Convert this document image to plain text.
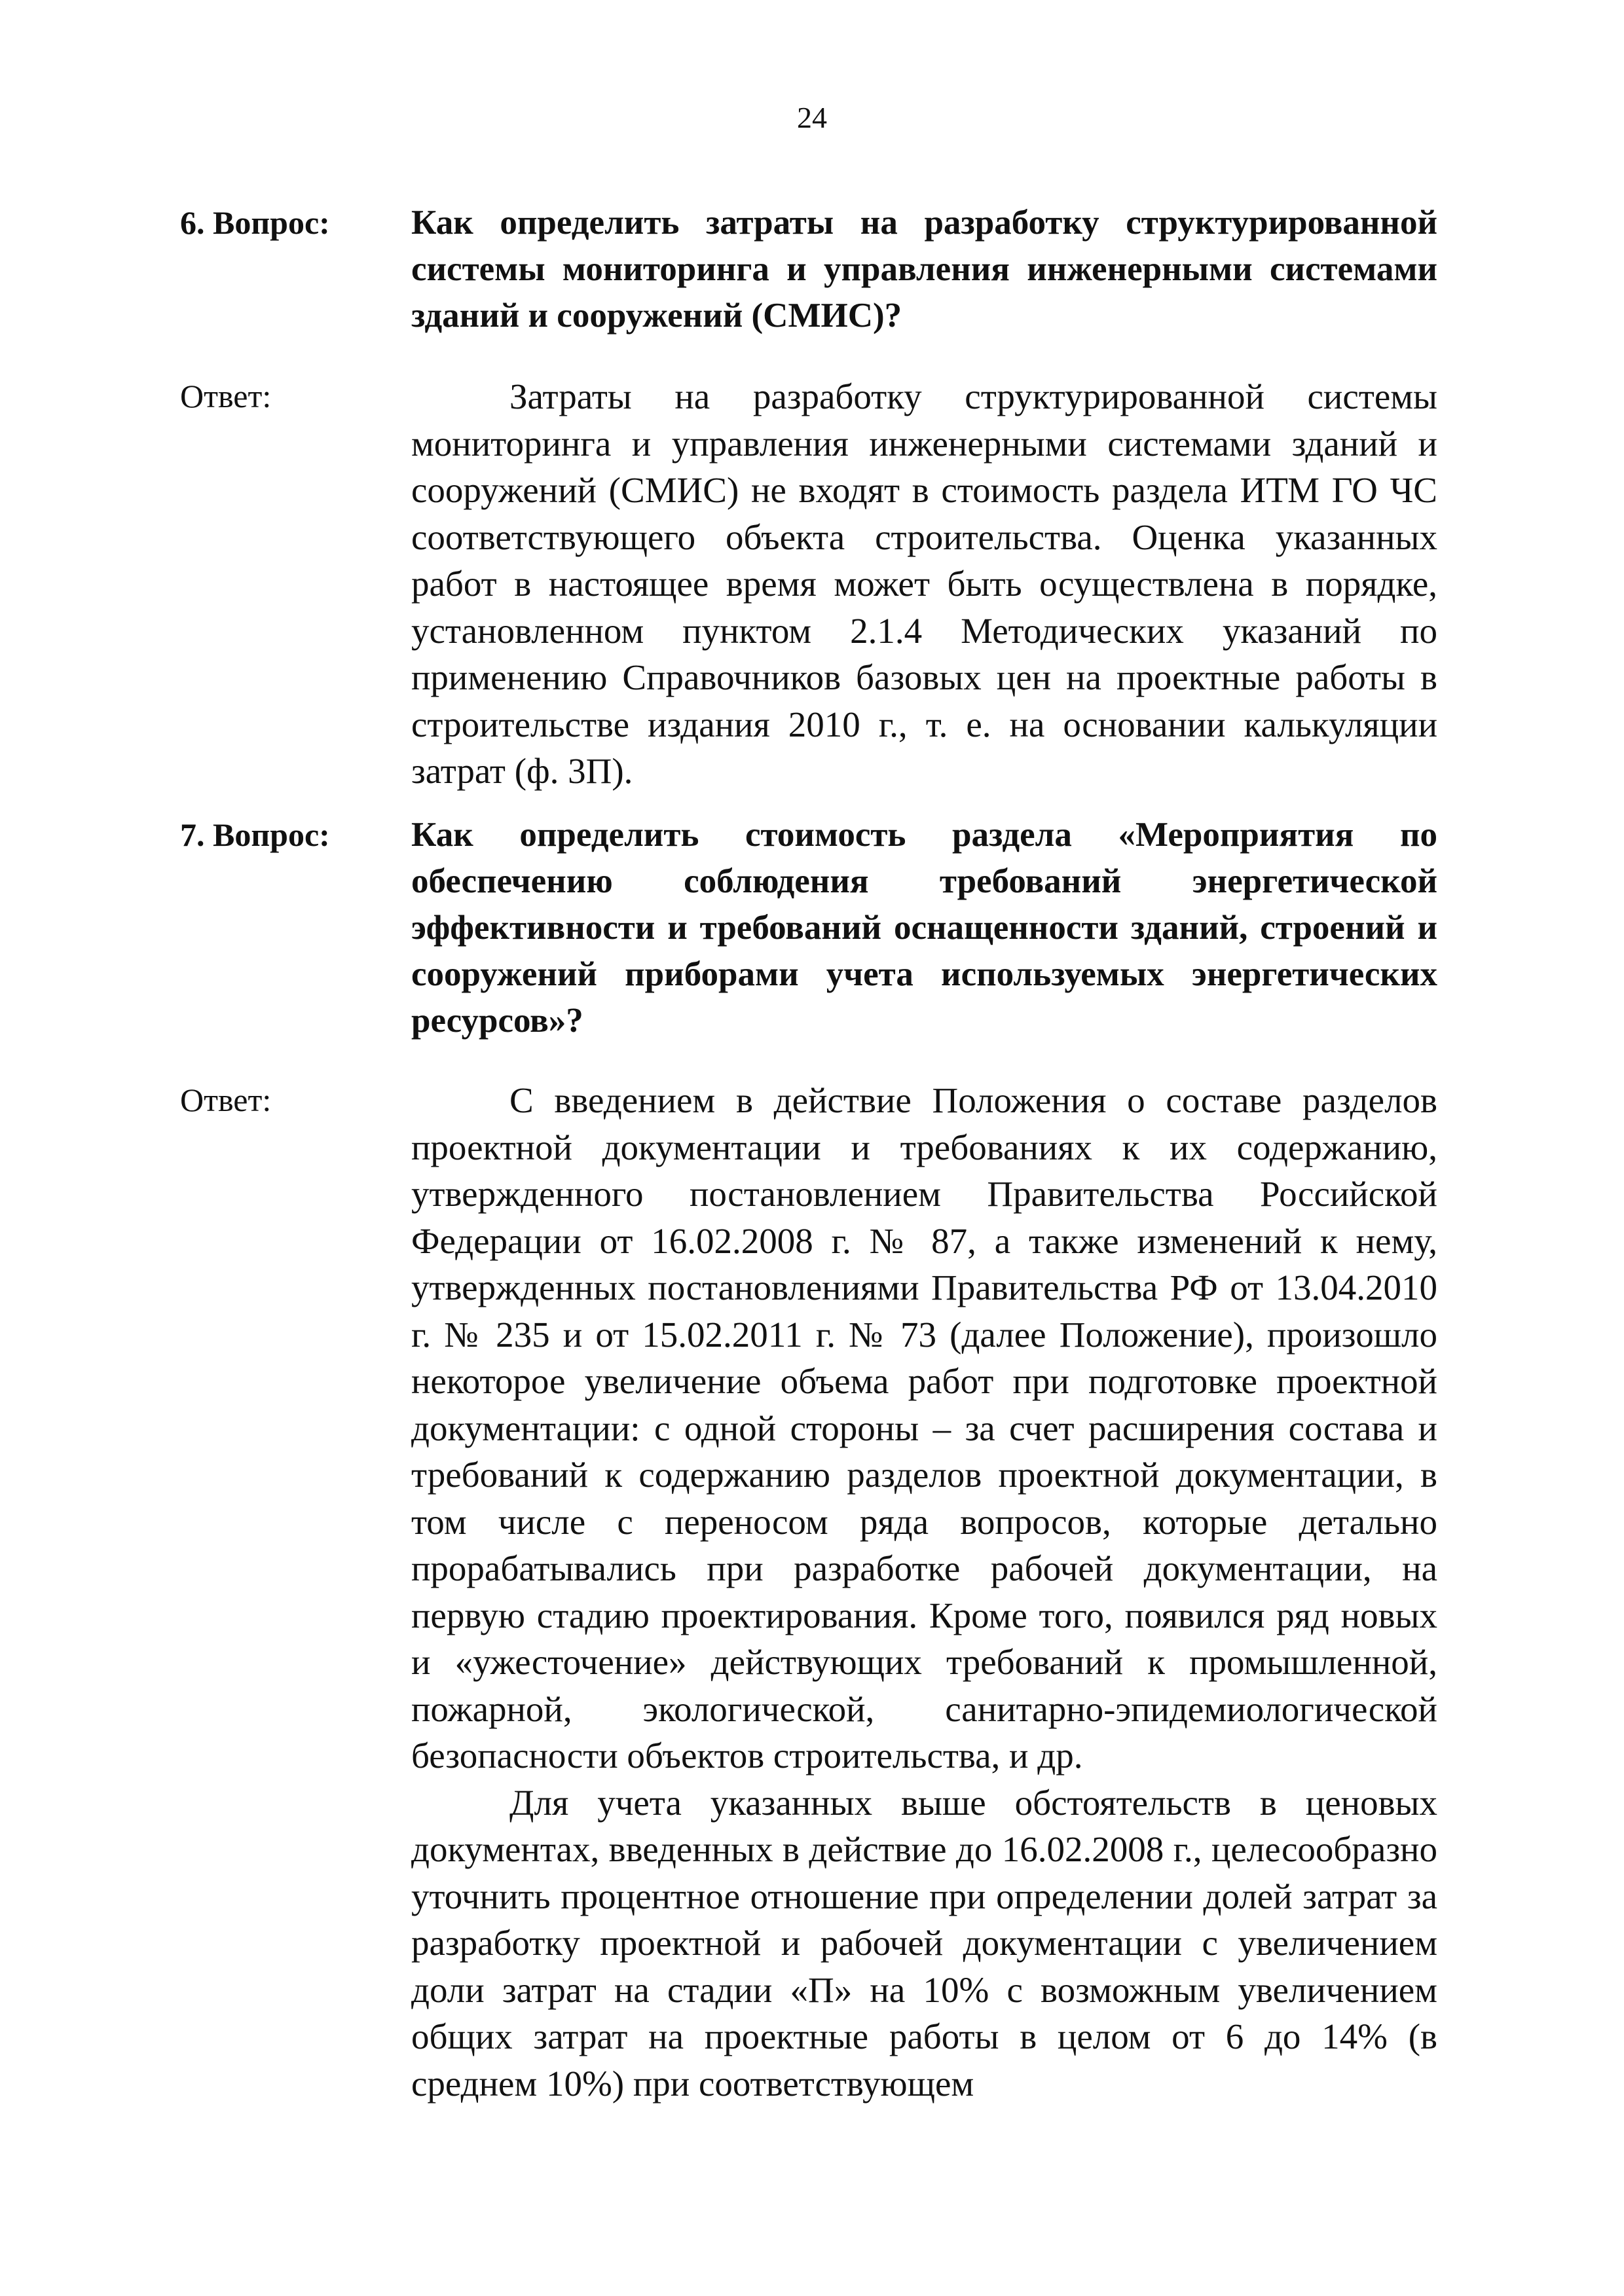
24
6. Вопрос: Как определить затраты на разработку структурированной системы мониторинга и управления инженерными системами зданий и сооружений (СМИС)?
Ответ:	Затраты на разработку структурированной системы мониторинга и управления инженерными системами зданий и сооружений (СМИС) не входят в стоимость раздела ИТМ ГО ЧС соответствующего объекта строительства. Оценка указанных работ в настоящее время может быть осуществлена в порядке, установленном пунктом 2.1.4 Методических указаний по применению Справочников базовых цен на проектные работы в строительстве издания 2010 г., т. е. на основании калькуляции затрат (ф. 3П).

7. Вопрос: Как определить стоимость раздела «Мероприятия по обеспечению соблюдения требований энергетической эффективности и требований оснащенности зданий, строений и сооружений приборами учета используемых энергетических ресурсов»?
Ответ:	С введением в действие Положения о составе разделов проектной документации и требованиях к их содержанию, утвержденного постановлением Правительства Российской Федерации от 16.02.2008 г. № 87, а также изменений к нему, утвержденных постановлениями Правительства РФ от 13.04.2010 г. № 235 и от 15.02.2011 г. № 73 (далее Положение), произошло некоторое увеличение объема работ при подготовке проектной документации: с одной стороны – за счет расширения состава и требований к содержанию разделов проектной документации, в том числе с переносом ряда вопросов, которые детально прорабатывались при разработке рабочей документации, на первую стадию проектирования. Кроме того, появился ряд новых и «ужесточение» действующих требований к промышленной, пожарной, экологической, санитарно-эпидемиологической безопасности объектов строительства, и др.

Для учета указанных выше обстоятельств в ценовых документах, введенных в действие до 16.02.2008 г., целесообразно уточнить процентное отношение при определении долей затрат за разработку проектной и рабочей документации с увеличением доли затрат на стадии «П» на 10% с возможным увеличением общих затрат на проектные работы в целом от 6 до 14% (в среднем 10%) при соответствующем
